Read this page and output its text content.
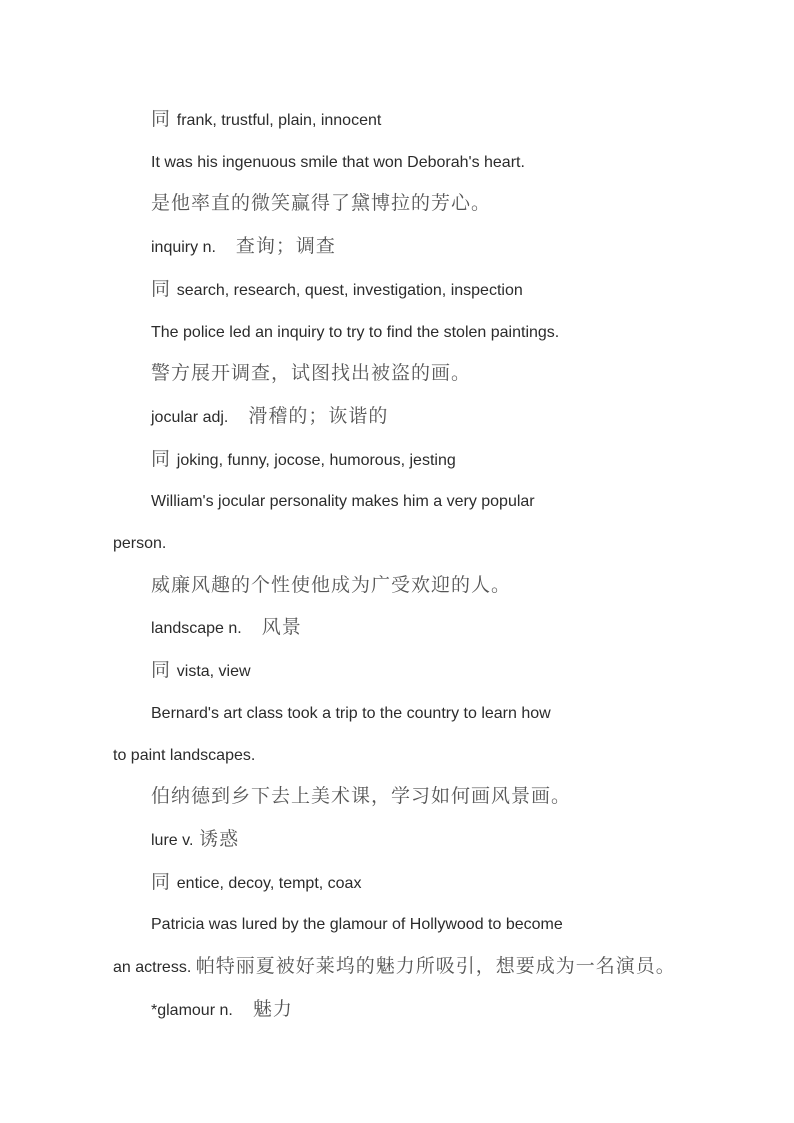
同 frank, trustful, plain, innocent
It was his ingenuous smile that won Deborah's heart.
是他率直的微笑赢得了黛博拉的芳心。
inquiry n.　查询；调查
同 search, research, quest, investigation, inspection
The police led an inquiry to try to find the stolen paintings.
警方展开调查，试图找出被盗的画。
jocular adj.　滑稽的；诙谐的
同 joking, funny, jocose, humorous, jesting
William's jocular personality makes him a very popular
person.
威廉风趣的个性使他成为广受欢迎的人。
landscape n.　风景
同 vista, view
Bernard's art class took a trip to the country to learn how
to paint landscapes.
伯纳德到乡下去上美术课，学习如何画风景画。
lure v. 诱惑
同 entice, decoy, tempt, coax
Patricia was lured by the glamour of Hollywood to become
an actress. 帕特丽夏被好莱坞的魅力所吸引，想要成为一名演员。
*glamour n.　魅力
